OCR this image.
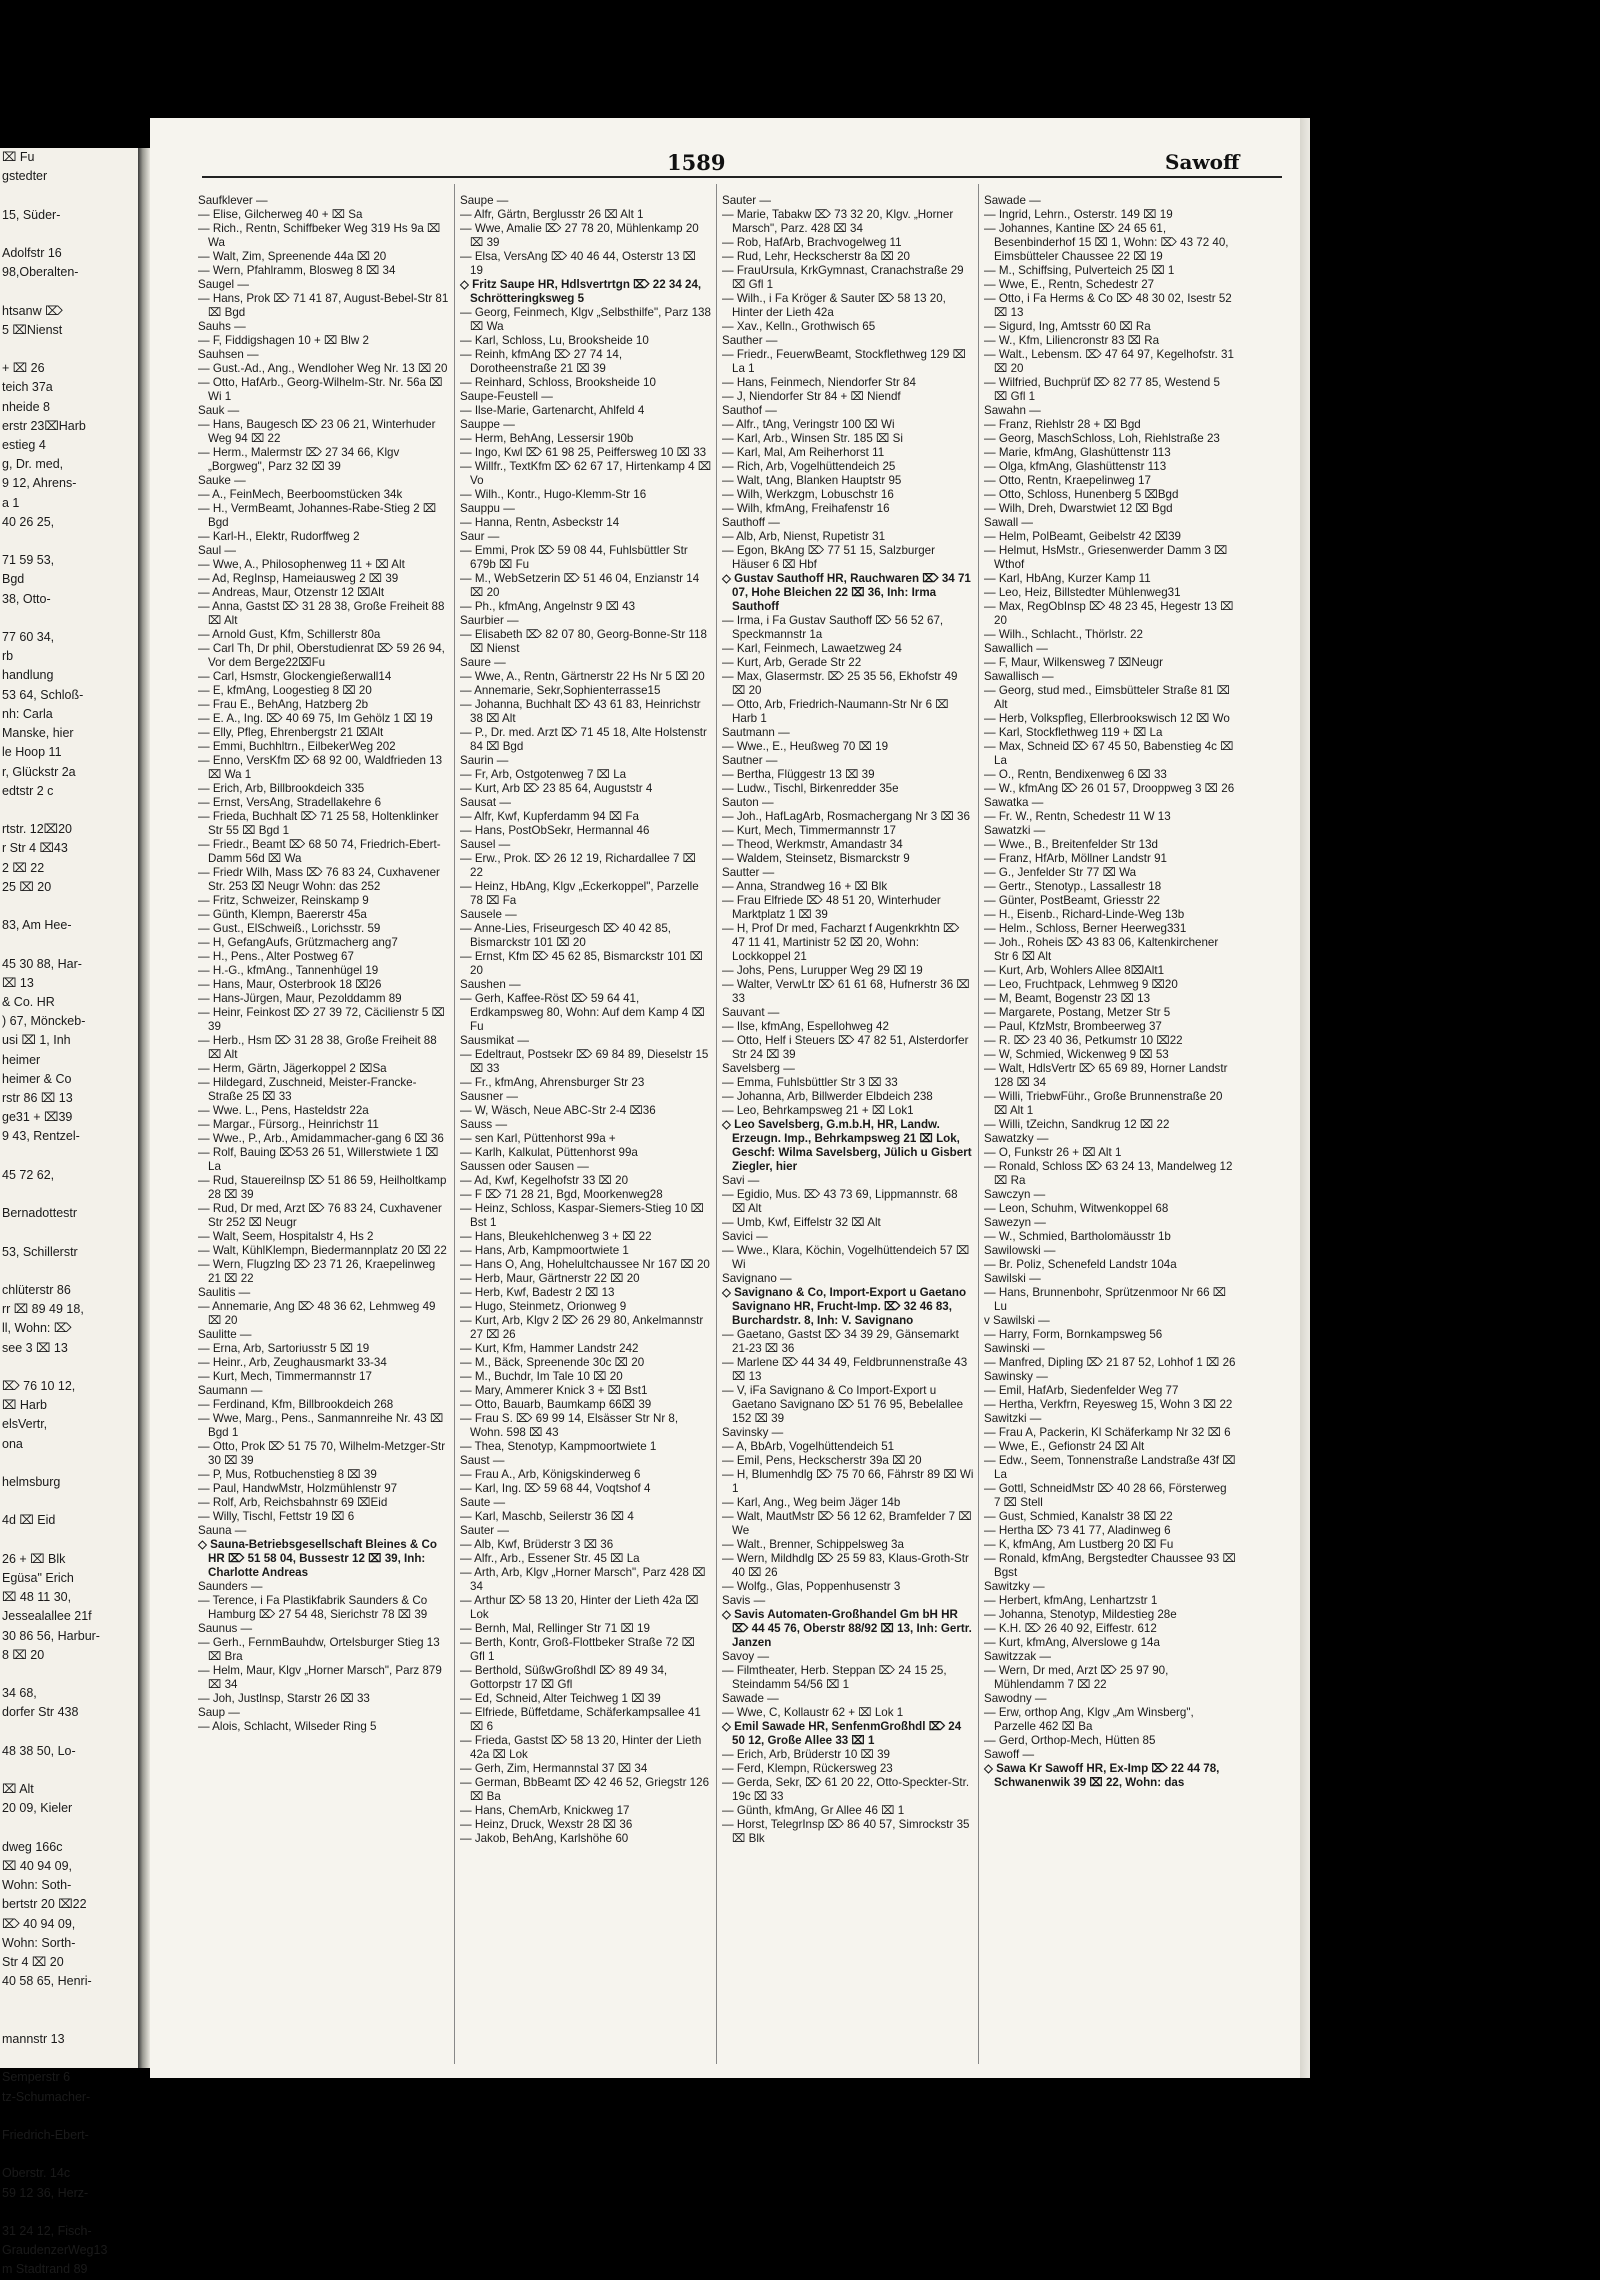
⌧ Fu
gstedter

15, Süder-

Adolfstr 16
98,Oberalten-

htsanw ⌦
5 ⌧Nienst

+ ⌧ 26
teich 37a
nheide 8
erstr 23⌧Harb
estieg 4
g, Dr. med,
9 12, Ahrens-
a 1
40 26 25,

71 59 53,
Bgd
38, Otto-

77 60 34,
rb
handlung
53 64, Schloß-
nh: Carla
Manske, hier
le Hoop 11
r, Glückstr 2a
edtstr 2 c

rtstr. 12⌧20
r Str 4 ⌧43
2 ⌧ 22
25 ⌧ 20

83, Am Hee-

45 30 88, Har-
⌧ 13
& Co. HR
) 67, Mönckeb-
usi ⌧ 1, Inh
heimer
heimer & Co
rstr 86 ⌧ 13
ge31 + ⌧39
9 43, Rentzel-

45 72 62,

Bernadottestr

53, Schillerstr

chlüterstr 86
rr ⌧ 89 49 18,
ll, Wohn: ⌦
see 3 ⌧ 13

⌦ 76 10 12,
⌧ Harb
elsVertr,
ona

helmsburg

4d ⌧ Eid

26 + ⌧ Blk
Egüsa" Erich
⌧ 48 11 30,
Jessealallee 21f
30 86 56, Harbur-
8 ⌧ 20

34 68,
dorfer Str 438

48 38 50, Lo-

⌧ Alt
20 09, Kieler

dweg 166c
⌧ 40 94 09,
Wohn: Soth-
bertstr 20 ⌧22
⌦ 40 94 09,
Wohn: Sorth-
Str 4 ⌧ 20
40 58 65, Henri-

mannstr 13

Semperstr 6
tz-Schumacher-

Friedrich-Ebert-

Oberstr. 14c
59 12 36, Herz-

31 24 12, Fisch-
GraudenzerWeg13
m Stadtrand 89
1589	Sawoff
Saufklever —
— Elise, Gilcherweg 40 + ⌧ Sa
— Rich., Rentn, Schiffbeker Weg 319 Hs 9a ⌧ Wa
— Walt, Zim, Spreenende 44a ⌧ 20
— Wern, Pfahlramm, Blosweg 8 ⌧ 34
Saugel —
— Hans, Prok ⌦ 71 41 87, August-Bebel-Str 81 ⌧ Bgd
Sauhs —
— F, Fiddigshagen 10 + ⌧ Blw 2
Sauhsen —
— Gust.-Ad., Ang., Wendloher Weg Nr. 13 ⌧ 20
— Otto, HafArb., Georg-Wilhelm-Str. Nr. 56a ⌧ Wi 1
Sauk —
— Hans, Baugesch ⌦ 23 06 21, Winterhuder Weg 94 ⌧ 22
— Herm., Malermstr ⌦ 27 34 66, Klgv „Borgweg", Parz 32 ⌧ 39
Sauke —
— A., FeinMech, Beerboomstücken 34k
— H., VermBeamt, Johannes-Rabe-Stieg 2 ⌧ Bgd
— Karl-H., Elektr, Rudorffweg 2
Saul —
— Wwe, A., Philosophenweg 11 + ⌧ Alt
— Ad, RegInsp, Hameiausweg 2 ⌧ 39
— Andreas, Maur, Otzenstr 12 ⌧Alt
— Anna, Gastst ⌦ 31 28 38, Große Freiheit 88 ⌧ Alt
— Arnold Gust, Kfm, Schillerstr 80a
— Carl Th, Dr phil, Oberstudienrat ⌦ 59 26 94, Vor dem Berge22⌧Fu
— Carl, Hsmstr, Glockengießerwall14
— E, kfmAng, Loogestieg 8 ⌧ 20
— Frau E., BehAng, Hatzberg 2b
— E. A., Ing. ⌦ 40 69 75, Im Gehölz 1 ⌧ 19
— Elly, Pfleg, Ehrenbergstr 21 ⌧Alt
— Emmi, Buchhltrn., EilbekerWeg 202
— Enno, VersKfm ⌦ 68 92 00, Waldfrieden 13 ⌧ Wa 1
— Erich, Arb, Billbrookdeich 335
— Ernst, VersAng, Stradellakehre 6
— Frieda, Buchhalt ⌦ 71 25 58, Holtenklinker Str 55 ⌧ Bgd 1
— Friedr., Beamt ⌦ 68 50 74, Friedrich-Ebert-Damm 56d ⌧ Wa
— Friedr Wilh, Mass ⌦ 76 83 24, Cuxhavener Str. 253 ⌧ Neugr Wohn: das 252
— Fritz, Schweizer, Reinskamp 9
— Günth, Klempn, Baererstr 45a
— Gust., ElSchweiß., Lorichsstr. 59
— H, GefangAufs, Grützmacherg ang7
— H., Pens., Alter Postweg 67
— H.-G., kfmAng., Tannenhügel 19
— Hans, Maur, Osterbrook 18 ⌧26
— Hans-Jürgen, Maur, Pezolddamm 89
— Heinr, Feinkost ⌦ 27 39 72, Cäcilienstr 5 ⌧ 39
— Herb., Hsm ⌦ 31 28 38, Große Freiheit 88 ⌧ Alt
— Herm, Gärtn, Jägerkoppel 2 ⌧Sa
— Hildegard, Zuschneid, Meister-Francke-Straße 25 ⌧ 33
— Wwe. L., Pens, Hasteldstr 22a
— Margar., Fürsorg., Heinrichstr 11
— Wwe., P., Arb., Amidammacher-gang 6 ⌧ 36
— Rolf, Bauing ⌦53 26 51, Willerstwiete 1 ⌧ La
— Rud, Stauereilnsp ⌦ 51 86 59, Heilholtkamp 28 ⌧ 39
— Rud, Dr med, Arzt ⌦ 76 83 24, Cuxhavener Str 252 ⌧ Neugr
— Walt, Seem, Hospitalstr 4, Hs 2
— Walt, KühlKlempn, Biedermannplatz 20 ⌧ 22
— Wern, Flugzlng ⌦ 23 71 26, Kraepelinweg 21 ⌧ 22
Saulitis —
— Annemarie, Ang ⌦ 48 36 62, Lehmweg 49 ⌧ 20
Saulitte —
— Erna, Arb, Sartoriusstr 5 ⌧ 19
— Heinr., Arb, Zeughausmarkt 33-34
— Kurt, Mech, Timmermannstr 17
Saumann —
— Ferdinand, Kfm, Billbrookdeich 268
— Wwe, Marg., Pens., Sanmannreihe Nr. 43 ⌧ Bgd 1
— Otto, Prok ⌦ 51 75 70, Wilhelm-Metzger-Str 30 ⌧ 39
— P, Mus, Rotbuchenstieg 8 ⌧ 39
— Paul, HandwMstr, Holzmühlenstr 97
— Rolf, Arb, Reichsbahnstr 69 ⌧Eid
— Willy, Tischl, Fettstr 19 ⌧ 6
Sauna —
◇ Sauna-Betriebsgesellschaft Bleines & Co HR ⌦ 51 58 04, Bussestr 12 ⌧ 39, Inh: Charlotte Andreas
Saunders —
— Terence, i Fa Plastikfabrik Saunders & Co Hamburg ⌦ 27 54 48, Sierichstr 78 ⌧ 39
Saunus —
— Gerh., FernmBauhdw, Ortelsburger Stieg 13 ⌧ Bra
— Helm, Maur, Klgv „Horner Marsch", Parz 879 ⌧ 34
— Joh, Justlnsp, Starstr 26 ⌧ 33
Saup —
— Alois, Schlacht, Wilseder Ring 5
Saupe —
— Alfr, Gärtn, Berglusstr 26 ⌧ Alt 1
— Wwe, Amalie ⌦ 27 78 20, Mühlenkamp 20 ⌧ 39
— Elsa, VersAng ⌦ 40 46 44, Osterstr 13 ⌧ 19
◇ Fritz Saupe HR, Hdlsvertrtgn ⌦ 22 34 24, Schrötteringksweg 5
— Georg, Feinmech, Klgv „Selbsthilfe", Parz 138 ⌧ Wa
— Karl, Schloss, Lu, Brooksheide 10
— Reinh, kfmAng ⌦ 27 74 14, Dorotheenstraße 21 ⌧ 39
— Reinhard, Schloss, Brooksheide 10
Saupe-Feustell —
— Ilse-Marie, Gartenarcht, Ahlfeld 4
Sauppe —
— Herm, BehAng, Lessersir 190b
— Ingo, Kwl ⌦ 61 98 25, Peiffersweg 10 ⌧ 33
— Willfr., TextKfm ⌦ 62 67 17, Hirtenkamp 4 ⌧ Vo
— Wilh., Kontr., Hugo-Klemm-Str 16
Sauppu —
— Hanna, Rentn, Asbeckstr 14
Saur —
— Emmi, Prok ⌦ 59 08 44, Fuhlsbüttler Str 679b ⌧ Fu
— M., WebSetzerin ⌦ 51 46 04, Enzianstr 14 ⌧ 20
— Ph., kfmAng, Angelnstr 9 ⌧ 43
Saurbier —
— Elisabeth ⌦ 82 07 80, Georg-Bonne-Str 118 ⌧ Nienst
Saure —
— Wwe, A., Rentn, Gärtnerstr 22 Hs Nr 5 ⌧ 20
— Annemarie, Sekr,Sophienterrasse15
— Johanna, Buchhalt ⌦ 43 61 83, Heinrichstr 38 ⌧ Alt
— P., Dr. med. Arzt ⌦ 71 45 18, Alte Holstenstr 84 ⌧ Bgd
Saurin —
— Fr, Arb, Ostgotenweg 7 ⌧ La
— Kurt, Arb ⌦ 23 85 64, Auguststr 4
Sausat —
— Alfr, Kwf, Kupferdamm 94 ⌧ Fa
— Hans, PostObSekr, Hermannal 46
Sausel —
— Erw., Prok. ⌦ 26 12 19, Richardallee 7 ⌧ 22
— Heinz, HbAng, Klgv „Eckerkoppel", Parzelle 78 ⌧ Fa
Sausele —
— Anne-Lies, Friseurgesch ⌦ 40 42 85, Bismarckstr 101 ⌧ 20
— Ernst, Kfm ⌦ 45 62 85, Bismarckstr 101 ⌧ 20
Saushen —
— Gerh, Kaffee-Röst ⌦ 59 64 41, Erdkampsweg 80, Wohn: Auf dem Kamp 4 ⌧ Fu
Sausmikat —
— Edeltraut, Postsekr ⌦ 69 84 89, Dieselstr 15 ⌧ 33
— Fr., kfmAng, Ahrensburger Str 23
Sausner —
— W, Wäsch, Neue ABC-Str 2-4 ⌧36
Sauss —
— sen Karl, Püttenhorst 99a +
— Karlh, Kalkulat, Püttenhorst 99a
Saussen oder Sausen —
— Ad, Kwf, Kegelhofstr 33 ⌧ 20
— F ⌦ 71 28 21, Bgd, Moorkenweg28
— Heinz, Schloss, Kaspar-Siemers-Stieg 10 ⌧ Bst 1
— Hans, Bleukehlchenweg 3 + ⌧ 22
— Hans, Arb, Kampmoortwiete 1
— Hans O, Ang, Hohelultchaussee Nr 167 ⌧ 20
— Herb, Maur, Gärtnerstr 22 ⌧ 20
— Herb, Kwf, Badestr 2 ⌧ 13
— Hugo, Steinmetz, Orionweg 9
— Kurt, Arb, Klgv 2 ⌦ 26 29 80, Ankelmannstr 27 ⌧ 26
— Kurt, Kfm, Hammer Landstr 242
— M., Bäck, Spreenende 30c ⌧ 20
— M., Buchdr, Im Tale 10 ⌧ 20
— Mary, Ammerer Knick 3 + ⌧ Bst1
— Otto, Bauarb, Baumkamp 66⌧ 39
— Frau S. ⌦ 69 99 14, Elsässer Str Nr 8, Wohn. 598 ⌧ 43
— Thea, Stenotyp, Kampmoortwiete 1
Saust —
— Frau A., Arb, Königskinderweg 6
— Karl, Ing. ⌦ 59 68 44, Voqtshof 4
Saute —
— Karl, Maschb, Seilerstr 36 ⌧ 4
Sauter —
— Alb, Kwf, Brüderstr 3 ⌧ 36
— Alfr., Arb., Essener Str. 45 ⌧ La
— Arth, Arb, Klgv „Horner Marsch", Parz 428 ⌧ 34
— Arthur ⌦ 58 13 20, Hinter der Lieth 42a ⌧ Lok
— Bernh, Mal, Rellinger Str 71 ⌧ 19
— Berth, Kontr, Groß-Flottbeker Straße 72 ⌧ Gfl 1
— Berthold, SüßwGroßhdl ⌦ 89 49 34, Gottorpstr 17 ⌧ Gfl
— Ed, Schneid, Alter Teichweg 1 ⌧ 39
— Elfriede, Büffetdame, Schäferkampsallee 41 ⌧ 6
— Frieda, Gastst ⌦ 58 13 20, Hinter der Lieth 42a ⌧ Lok
— Gerh, Zim, Hermannstal 37 ⌧ 34
— German, BbBeamt ⌦ 42 46 52, Griegstr 126 ⌧ Ba
— Hans, ChemArb, Knickweg 17
— Heinz, Druck, Wexstr 28 ⌧ 36
— Jakob, BehAng, Karlshöhe 60
Sauter —
— Marie, Tabakw ⌦ 73 32 20, Klgv. „Horner Marsch", Parz. 428 ⌧ 34
— Rob, HafArb, Brachvogelweg 11
— Rud, Lehr, Heckscherstr 8a ⌧ 20
— FrauUrsula, KrkGymnast, Cranachstraße 29 ⌧ Gfl 1
— Wilh., i Fa Kröger & Sauter ⌦ 58 13 20, Hinter der Lieth 42a
— Xav., Kelln., Grothwisch 65
Sauther —
— Friedr., FeuerwBeamt, Stockflethweg 129 ⌧ La 1
— Hans, Feinmech, Niendorfer Str 84
— J, Niendorfer Str 84 + ⌧ Niendf
Sauthof —
— Alfr., tAng, Veringstr 100 ⌧ Wi
— Karl, Arb., Winsen Str. 185 ⌧ Si
— Karl, Mal, Am Reiherhorst 11
— Rich, Arb, Vogelhüttendeich 25
— Walt, tAng, Blanken Hauptstr 95
— Wilh, Werkzgm, Lobuschstr 16
— Wilh, kfmAng, Freihafenstr 16
Sauthoff —
— Alb, Arb, Nienst, Rupetistr 31
— Egon, BkAng ⌦ 77 51 15, Salzburger Häuser 6 ⌧ Hbf
◇ Gustav Sauthoff HR, Rauchwaren ⌦ 34 71 07, Hohe Bleichen 22 ⌧ 36, Inh: Irma Sauthoff
— Irma, i Fa Gustav Sauthoff ⌦ 56 52 67, Speckmannstr 1a
— Karl, Feinmech, Lawaetzweg 24
— Kurt, Arb, Gerade Str 22
— Max, Glasermstr. ⌦ 25 35 56, Ekhofstr 49 ⌧ 20
— Otto, Arb, Friedrich-Naumann-Str Nr 6 ⌧ Harb 1
Sautmann —
— Wwe., E., Heußweg 70 ⌧ 19
Sautner —
— Bertha, Flüggestr 13 ⌧ 39
— Ludw., Tischl, Birkenredder 35e
Sauton —
— Joh., HafLagArb, Rosmachergang Nr 3 ⌧ 36
— Kurt, Mech, Timmermannstr 17
— Theod, Werkmstr, Amandastr 34
— Waldem, Steinsetz, Bismarckstr 9
Sautter —
— Anna, Strandweg 16 + ⌧ Blk
— Frau Elfriede ⌦ 48 51 20, Winterhuder Marktplatz 1 ⌧ 39
— H, Prof Dr med, Facharzt f Augenkrkhtn ⌦ 47 11 41, Martinistr 52 ⌧ 20, Wohn: Lockkoppel 21
— Johs, Pens, Lurupper Weg 29 ⌧ 19
— Walter, VerwLtr ⌦ 61 61 68, Hufnerstr 36 ⌧ 33
Sauvant —
— Ilse, kfmAng, Espellohweg 42
— Otto, Helf i Steuers ⌦ 47 82 51, Alsterdorfer Str 24 ⌧ 39
Savelsberg —
— Emma, Fuhlsbüttler Str 3 ⌧ 33
— Johanna, Arb, Billwerder Elbdeich 238
— Leo, Behrkampsweg 21 + ⌧ Lok1
◇ Leo Savelsberg, G.m.b.H, HR, Landw. Erzeugn. Imp., Behrkampsweg 21 ⌧ Lok, Geschf: Wilma Savelsberg, Jülich u Gisbert Ziegler, hier
Savi —
— Egidio, Mus. ⌦ 43 73 69, Lippmannstr. 68 ⌧ Alt
— Umb, Kwf, Eiffelstr 32 ⌧ Alt
Savici —
— Wwe., Klara, Köchin, Vogelhüttendeich 57 ⌧ Wi
Savignano —
◇ Savignano & Co, Import-Export u Gaetano Savignano HR, Frucht-Imp. ⌦ 32 46 83, Burchardstr. 8, Inh: V. Savignano
— Gaetano, Gastst ⌦ 34 39 29, Gänsemarkt 21-23 ⌧ 36
— Marlene ⌦ 44 34 49, Feldbrunnenstraße 43 ⌧ 13
— V, iFa Savignano & Co Import-Export u Gaetano Savignano ⌦ 51 76 95, Bebelallee 152 ⌧ 39
Savinsky —
— A, BbArb, Vogelhüttendeich 51
— Emil, Pens, Heckscherstr 39a ⌧ 20
— H, Blumenhdlg ⌦ 75 70 66, Fährstr 89 ⌧ Wi 1
— Karl, Ang., Weg beim Jäger 14b
— Walt, MautMstr ⌦ 56 12 62, Bramfelder 7 ⌧ We
— Walt., Brenner, Schippelsweg 3a
— Wern, Mildhdlg ⌦ 25 59 83, Klaus-Groth-Str 40 ⌧ 26
— Wolfg., Glas, Poppenhusenstr 3
Savis —
◇ Savis Automaten-Großhandel Gm bH HR ⌦ 44 45 76, Oberstr 88/92 ⌧ 13, Inh: Gertr. Janzen
Savoy —
— Filmtheater, Herb. Steppan ⌦ 24 15 25, Steindamm 54/56 ⌧ 1
Sawade —
— Wwe, C, Kollaustr 62 + ⌧ Lok 1
◇ Emil Sawade HR, SenfenmGroßhdl ⌦ 24 50 12, Große Allee 33 ⌧ 1
— Erich, Arb, Brüderstr 10 ⌧ 39
— Ferd, Klempn, Rückersweg 23
— Gerda, Sekr, ⌦ 61 20 22, Otto-Speckter-Str. 19c ⌧ 33
— Günth, kfmAng, Gr Allee 46 ⌧ 1
— Horst, TelegrInsp ⌦ 86 40 57, Simrockstr 35 ⌧ Blk
Sawade —
— Ingrid, Lehrn., Osterstr. 149 ⌧ 19
— Johannes, Kantine ⌦ 24 65 61, Besenbinderhof 15 ⌧ 1, Wohn: ⌦ 43 72 40, Eimsbütteler Chaussee 22 ⌧ 19
— M., Schiffsing, Pulverteich 25 ⌧ 1
— Wwe, E., Rentn, Schedestr 27
— Otto, i Fa Herms & Co ⌦ 48 30 02, Isestr 52 ⌧ 13
— Sigurd, Ing, Amtsstr 60 ⌧ Ra
— W., Kfm, Liliencronstr 83 ⌧ Ra
— Walt., Lebensm. ⌦ 47 64 97, Kegelhofstr. 31 ⌧ 20
— Wilfried, Buchprüf ⌦ 82 77 85, Westend 5 ⌧ Gfl 1
Sawahn —
— Franz, Riehlstr 28 + ⌧ Bgd
— Georg, MaschSchloss, Loh, Riehlstraße 23
— Marie, kfmAng, Glashüttenstr 113
— Olga, kfmAng, Glashüttenstr 113
— Otto, Rentn, Kraepelinweg 17
— Otto, Schloss, Hunenberg 5 ⌧Bgd
— Wilh, Dreh, Dwarstwiet 12 ⌧ Bgd
Sawall —
— Helm, PolBeamt, Geibelstr 42 ⌧39
— Helmut, HsMstr., Griesenwerder Damm 3 ⌧ Wthof
— Karl, HbAng, Kurzer Kamp 11
— Leo, Heiz, Billstedter Mühlenweg31
— Max, RegObInsp ⌦ 48 23 45, Hegestr 13 ⌧ 20
— Wilh., Schlacht., Thörlstr. 22
Sawallich —
— F, Maur, Wilkensweg 7 ⌧Neugr
Sawallisch —
— Georg, stud med., Eimsbütteler Straße 81 ⌧ Alt
— Herb, Volkspfleg, Ellerbrookswisch 12 ⌧ Wo
— Karl, Stockflethweg 119 + ⌧ La
— Max, Schneid ⌦ 67 45 50, Babenstieg 4c ⌧ La
— O., Rentn, Bendixenweg 6 ⌧ 33
— W., kfmAng ⌦ 26 01 57, Drooppweg 3 ⌧ 26
Sawatka —
— Fr. W., Rentn, Schedestr 11 W 13
Sawatzki —
— Wwe., B., Breitenfelder Str 13d
— Franz, HfArb, Möllner Landstr 91
— G., Jenfelder Str 77 ⌧ Wa
— Gertr., Stenotyp., Lassallestr 18
— Günter, PostBeamt, Griesstr 22
— H., Eisenb., Richard-Linde-Weg 13b
— Helm., Schloss, Berner Heerweg331
— Joh., Roheis ⌦ 43 83 06, Kaltenkirchener Str 6 ⌧ Alt
— Kurt, Arb, Wohlers Allee 8⌧Alt1
— Leo, Fruchtpack, Lehmweg 9 ⌧20
— M, Beamt, Bogenstr 23 ⌧ 13
— Margarete, Postang, Metzer Str 5
— Paul, KfzMstr, Brombeerweg 37
— R. ⌦ 23 40 36, Petkumstr 10 ⌧22
— W, Schmied, Wickenweg 9 ⌧ 53
— Walt, HdlsVertr ⌦ 65 69 89, Horner Landstr 128 ⌧ 34
— Willi, TriebwFühr., Große Brunnenstraße 20 ⌧ Alt 1
— Willi, tZeichn, Sandkrug 12 ⌧ 22
Sawatzky —
— O, Funkstr 26 + ⌧ Alt 1
— Ronald, Schloss ⌦ 63 24 13, Mandelweg 12 ⌧ Ra
Sawczyn —
— Leon, Schuhm, Witwenkoppel 68
Sawezyn —
— W., Schmied, Bartholomäusstr 1b
Sawilowski —
— Br. Poliz, Schenefeld Landstr 104a
Sawilski —
— Hans, Brunnenbohr, Sprützenmoor Nr 66 ⌧ Lu
v Sawilski —
— Harry, Form, Bornkampsweg 56
Sawinski —
— Manfred, Dipling ⌦ 21 87 52, Lohhof 1 ⌧ 26
Sawinsky —
— Emil, HafArb, Siedenfelder Weg 77
— Hertha, Verkfrn, Reyesweg 15, Wohn 3 ⌧ 22
Sawitzki —
— Frau A, Packerin, Kl Schäferkamp Nr 32 ⌧ 6
— Wwe, E., Gefionstr 24 ⌧ Alt
— Edw., Seem, Tonnenstraße Landstraße 43f ⌧ La
— Gottl, SchneidMstr ⌦ 40 28 66, Försterweg 7 ⌧ Stell
— Gust, Schmied, Kanalstr 38 ⌧ 22
— Hertha ⌦ 73 41 77, Aladinweg 6
— K, kfmAng, Am Lustberg 20 ⌧ Fu
— Ronald, kfmAng, Bergstedter Chaussee 93 ⌧ Bgst
Sawitzky —
— Herbert, kfmAng, Lenhartzstr 1
— Johanna, Stenotyp, Mildestieg 28e
— K.H. ⌦ 26 40 92, Eiffestr. 612
— Kurt, kfmAng, Alverslowe g 14a
Sawitzzak —
— Wern, Dr med, Arzt ⌦ 25 97 90, Mühlendamm 7 ⌧ 22
Sawodny —
— Erw, orthop Ang, Klgv „Am Winsberg", Parzelle 462 ⌧ Ba
— Gerd, Orthop-Mech, Hütten 85
Sawoff —
◇ Sawa Kr Sawoff HR, Ex-Imp ⌦ 22 44 78, Schwanenwik 39 ⌧ 22, Wohn: das
